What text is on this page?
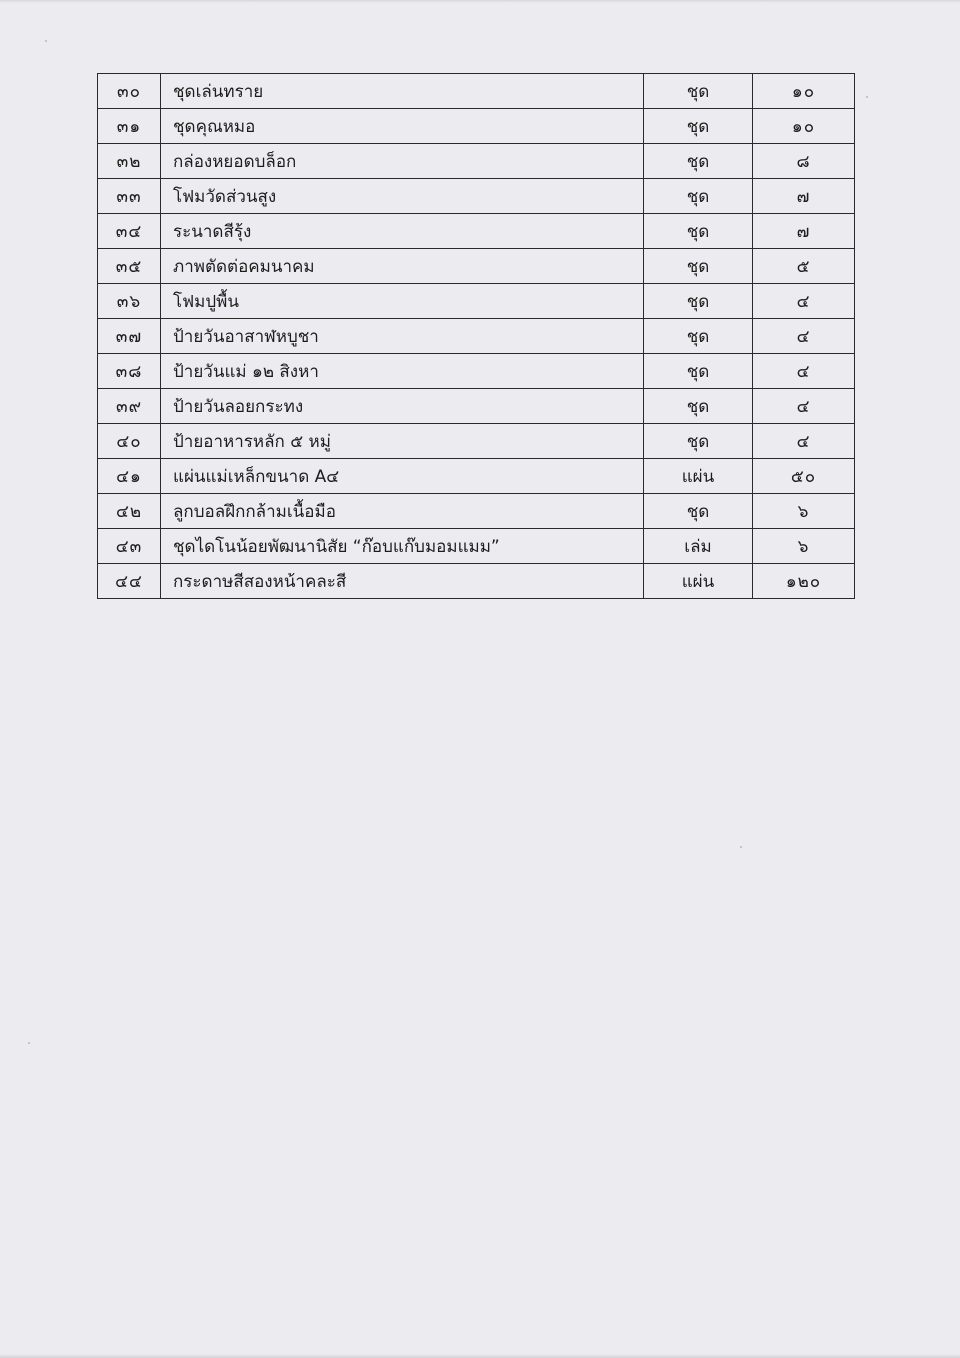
๓๐	ชุดเล่นทราย	ชุด	๑๐
๓๑	ชุดคุณหมอ	ชุด	๑๐
๓๒	กล่องหยอดบล็อก	ชุด	๘
๓๓	โฟมวัดส่วนสูง	ชุด	๗
๓๔	ระนาดสีรุ้ง	ชุด	๗
๓๕	ภาพตัดต่อคมนาคม	ชุด	๕
๓๖	โฟมปูพื้น	ชุด	๔
๓๗	ป้ายวันอาสาฬหบูชา	ชุด	๔
๓๘	ป้ายวันแม่ ๑๒ สิงหา	ชุด	๔
๓๙	ป้ายวันลอยกระทง	ชุด	๔
๔๐	ป้ายอาหารหลัก ๕ หมู่	ชุด	๔
๔๑	แผ่นแม่เหล็กขนาด A๔	แผ่น	๕๐
๔๒	ลูกบอลฝึกกล้ามเนื้อมือ	ชุด	๖
๔๓	ชุดไดโนน้อยพัฒนานิสัย “ก๊อบแก๊บมอมแมม”	เล่ม	๖
๔๔	กระดาษสีสองหน้าคละสี	แผ่น	๑๒๐
